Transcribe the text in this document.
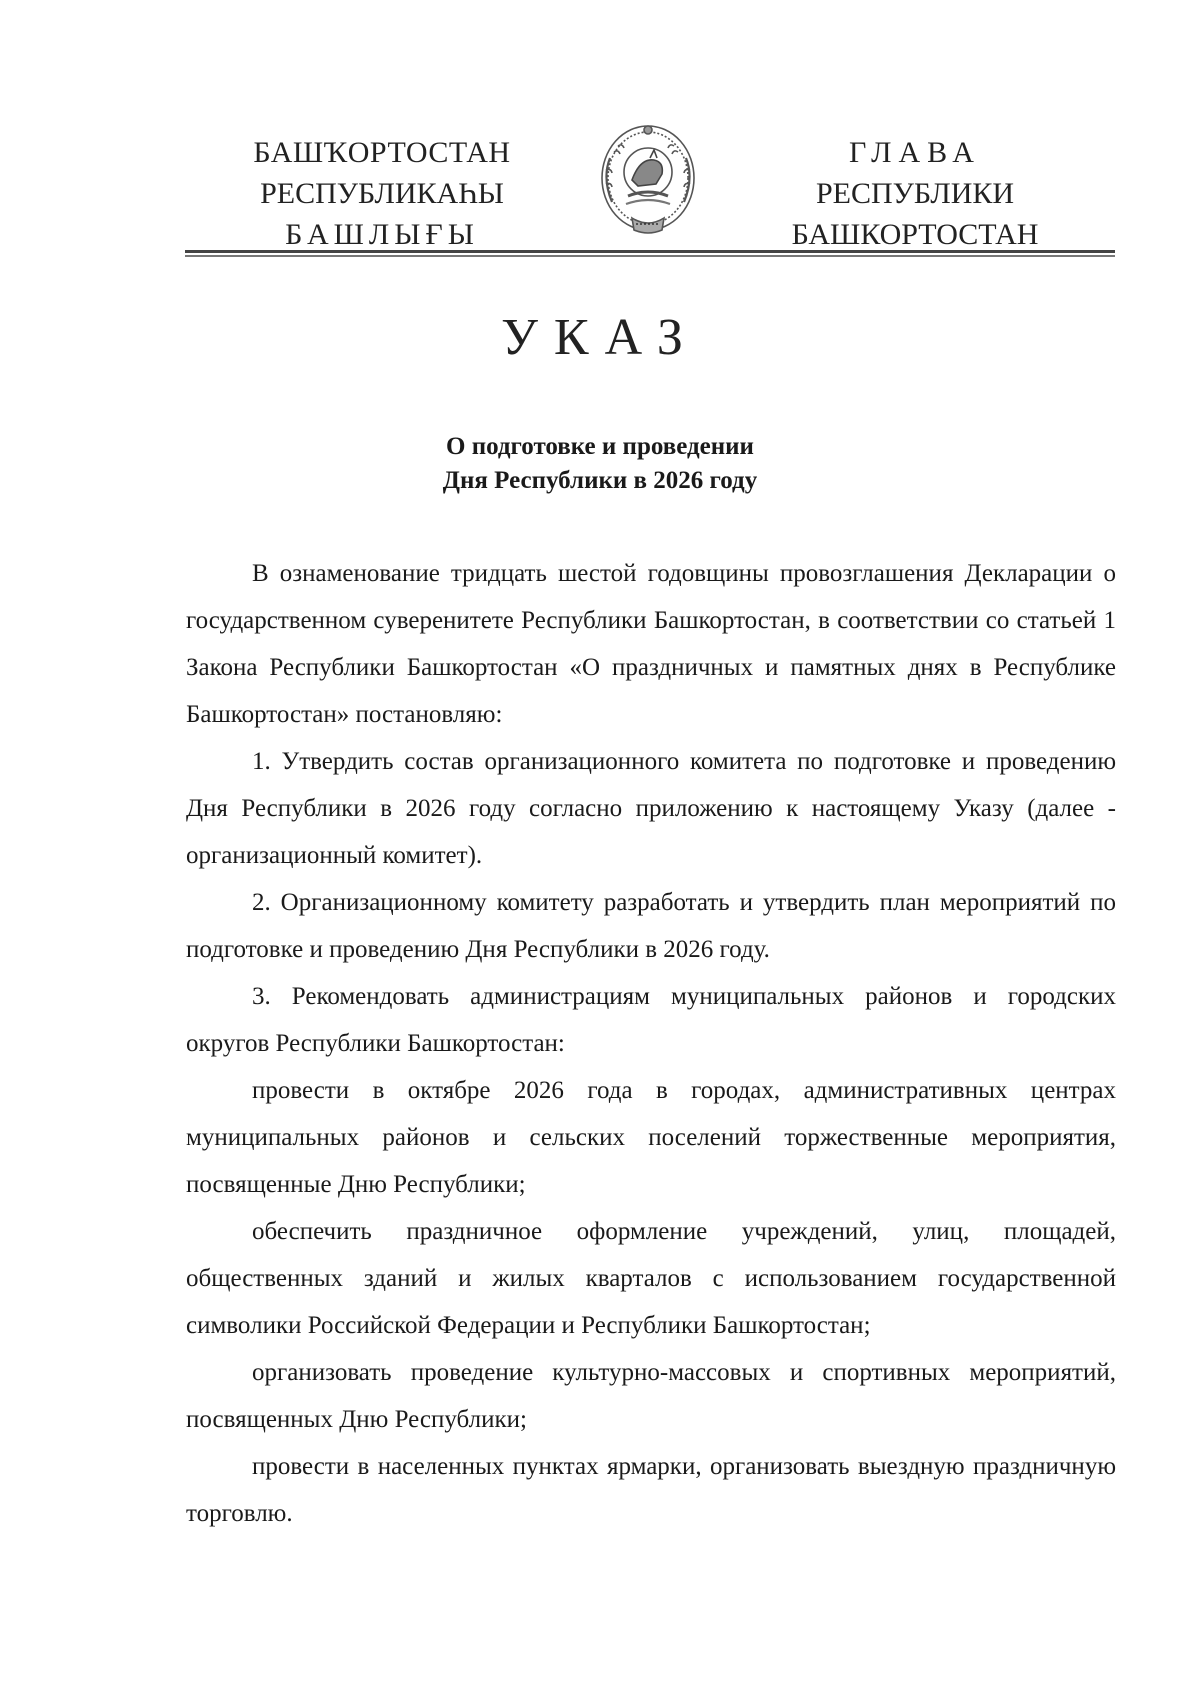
БАШҠОРТОСТАН
РЕСПУБЛИКАҺЫ
БАШЛЫҒЫ
ГЛАВА
РЕСПУБЛИКИ
БАШКОРТОСТАН
УКАЗ
О подготовке и проведении
Дня Республики в 2026 году

В ознаменование тридцать шестой годовщины провозглашения Декларации о государственном суверенитете Республики Башкортостан, в соответствии со статьей 1 Закона Республики Башкортостан «О праздничных и памятных днях в Республике Башкортостан» постановляю:

1. Утвердить состав организационного комитета по подготовке и проведению Дня Республики в 2026 году согласно приложению к настоящему Указу (далее - организационный комитет).

2. Организационному комитету разработать и утвердить план мероприятий по подготовке и проведению Дня Республики в 2026 году.

3. Рекомендовать администрациям муниципальных районов и городских округов Республики Башкортостан:

провести в октябре 2026 года в городах, административных центрах муниципальных районов и сельских поселений торжественные мероприятия, посвященные Дню Республики;

обеспечить праздничное оформление учреждений, улиц, площадей, общественных зданий и жилых кварталов с использованием государственной символики Российской Федерации и Республики Башкортостан;

организовать проведение культурно-массовых и спортивных мероприятий, посвященных Дню Республики;

провести в населенных пунктах ярмарки, организовать выездную праздничную торговлю.
